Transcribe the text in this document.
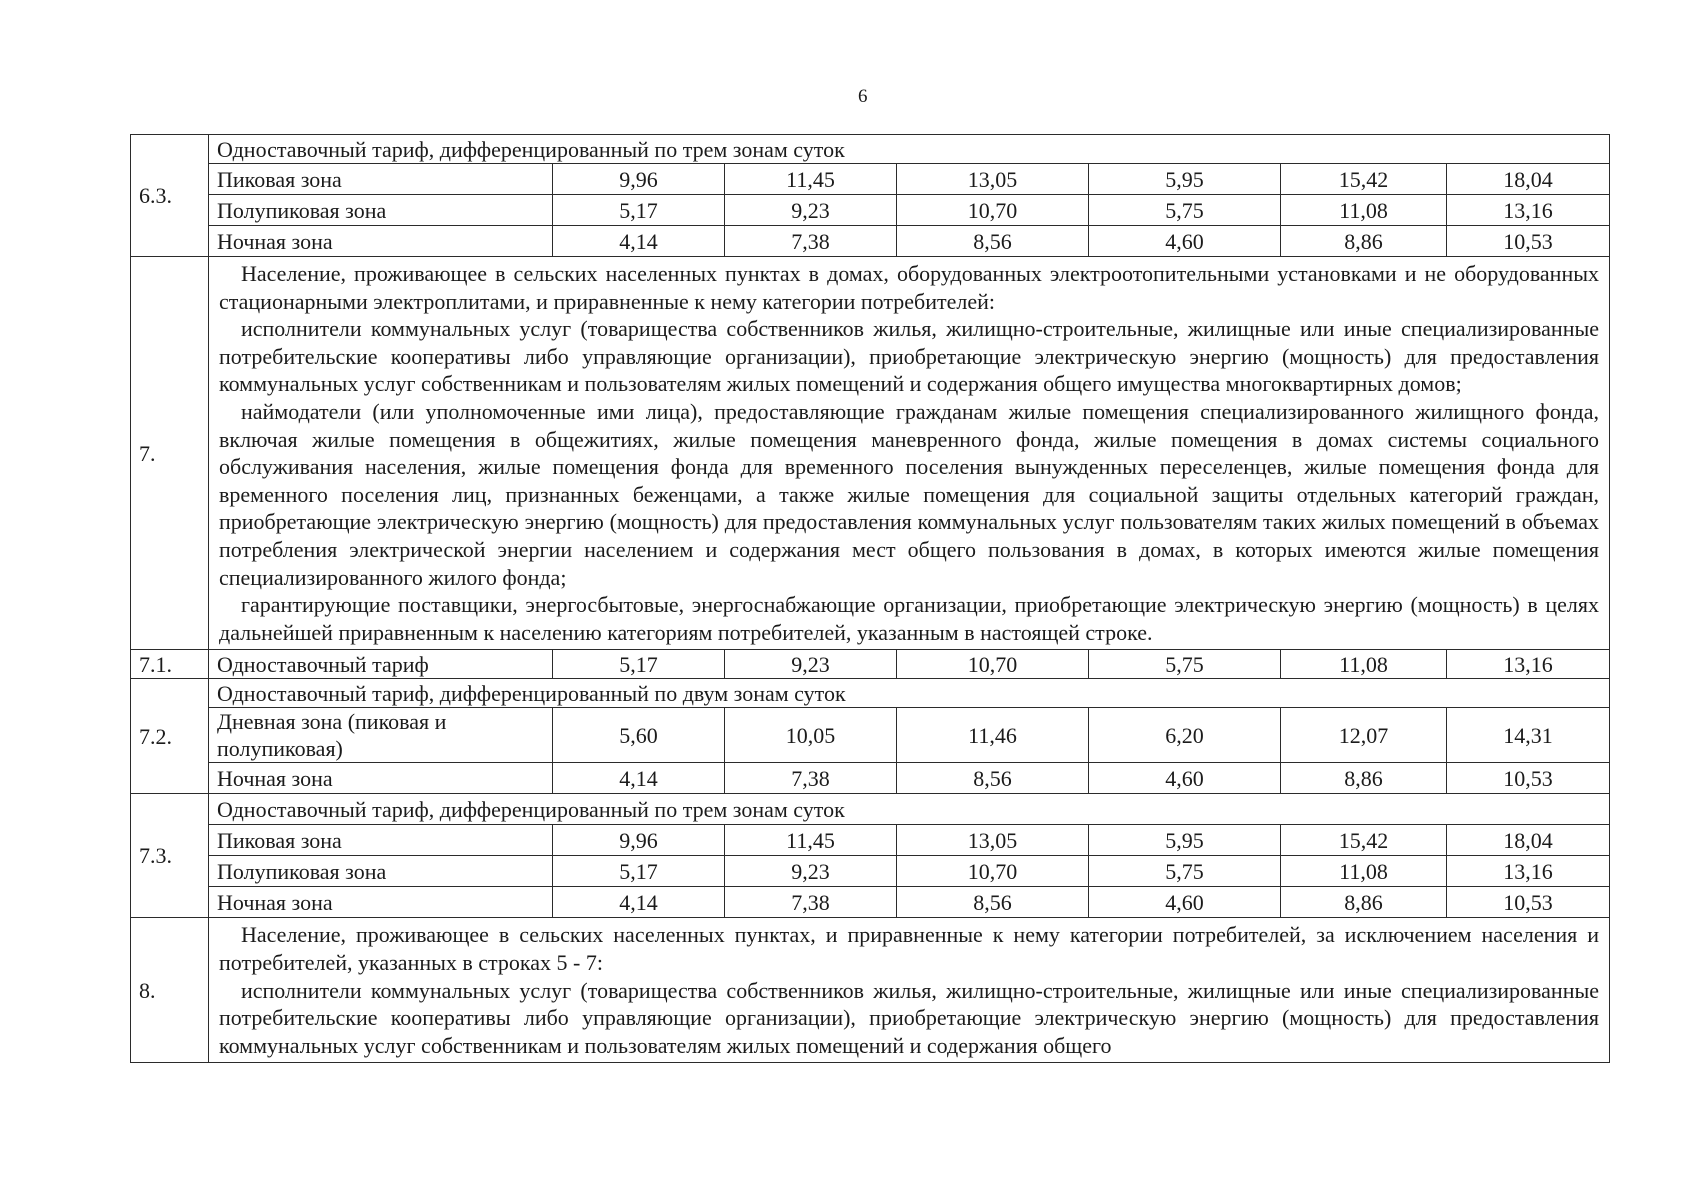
6
6.3.	Одноставочный тариф, дифференцированный по трем зонам суток						
	Пиковая зона	9,96	11,45	13,05	5,95	15,42	18,04
	Полупиковая зона	5,17	9,23	10,70	5,75	11,08	13,16
	Ночная зона	4,14	7,38	8,56	4,60	8,86	10,53
7.	Население, проживающее в сельских населенных пунктах в домах, оборудованных электроотопительными установками и не оборудованных стационарными электроплитами, и приравненные к нему категории потребителей:

исполнители коммунальных услуг (товарищества собственников жилья, жилищно-строительные, жилищные или иные специализированные потребительские кооперативы либо управляющие организации), приобретающие электрическую энергию (мощность) для предоставления коммунальных услуг собственникам и пользователям жилых помещений и содержания общего имущества многоквартирных домов;

наймодатели (или уполномоченные ими лица), предоставляющие гражданам жилые помещения специализированного жилищного фонда, включая жилые помещения в общежитиях, жилые помещения маневренного фонда, жилые помещения в домах системы социального обслуживания населения, жилые помещения фонда для временного поселения вынужденных переселенцев, жилые помещения фонда для временного поселения лиц, признанных беженцами, а также жилые помещения для социальной защиты отдельных категорий граждан, приобретающие электрическую энергию (мощность) для предоставления коммунальных услуг пользователям таких жилых помещений в объемах потребления электрической энергии населением и содержания мест общего пользования в домах, в которых имеются жилые помещения специализированного жилого фонда;

гарантирующие поставщики, энергосбытовые, энергоснабжающие организации, приобретающие электрическую энергию (мощность) в целях дальнейшей приравненным к населению категориям потребителей, указанным в настоящей строке.						

7.1.	Одноставочный тариф	5,17	9,23	10,70	5,75	11,08	13,16
7.2.	Одноставочный тариф, дифференцированный по двум зонам суток						
	Дневная зона (пиковая и полупиковая)	5,60	10,05	11,46	6,20	12,07	14,31
	Ночная зона	4,14	7,38	8,56	4,60	8,86	10,53
7.3.	Одноставочный тариф, дифференцированный по трем зонам суток						
	Пиковая зона	9,96	11,45	13,05	5,95	15,42	18,04
	Полупиковая зона	5,17	9,23	10,70	5,75	11,08	13,16
	Ночная зона	4,14	7,38	8,56	4,60	8,86	10,53
8.	Население, проживающее в сельских населенных пунктах, и приравненные к нему категории потребителей, за исключением населения и потребителей, указанных в строках 5 - 7:

исполнители коммунальных услуг (товарищества собственников жилья, жилищно-строительные, жилищные или иные специализированные потребительские кооперативы либо управляющие организации), приобретающие электрическую энергию (мощность) для предоставления коммунальных услуг собственникам и пользователям жилых помещений и содержания общего						
